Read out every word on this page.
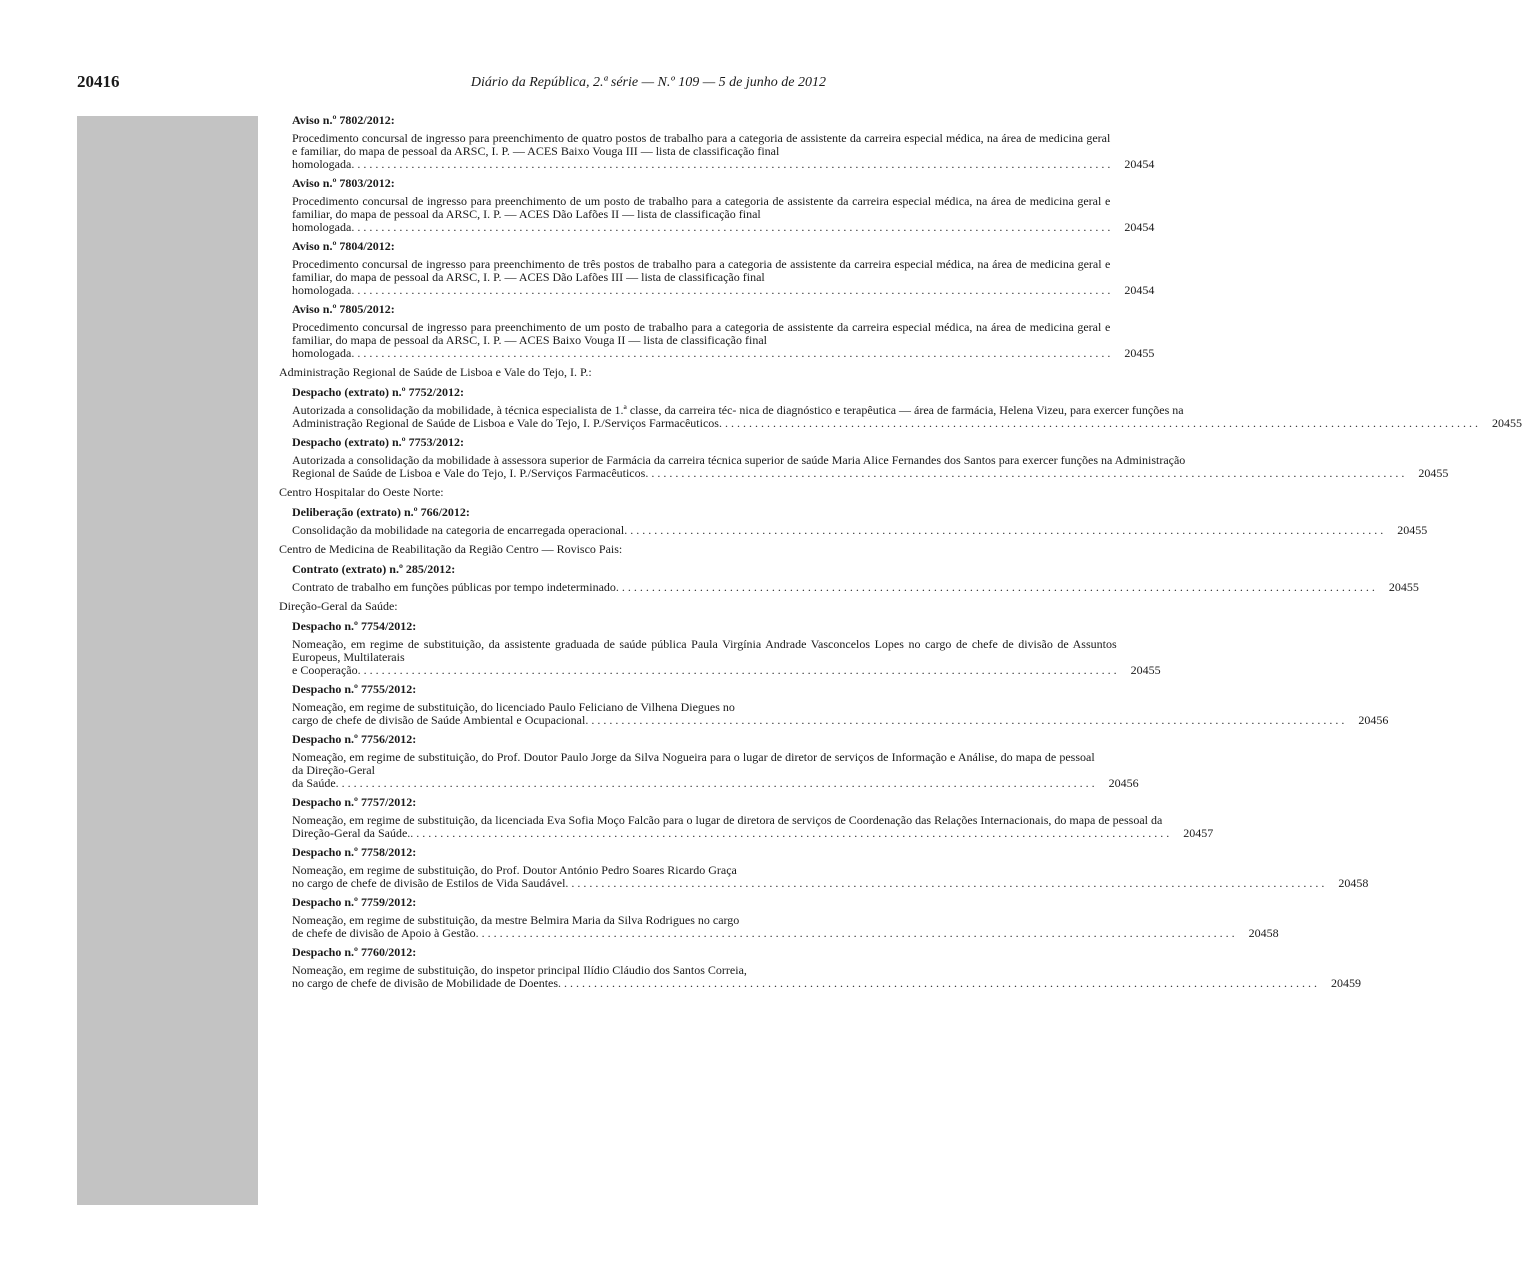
20416	Diário da República, 2.ª série — N.º 109 — 5 de junho de 2012
Aviso n.º 7802/2012:
Procedimento concursal de ingresso para preenchimento de quatro postos de trabalho para a categoria de assistente da carreira especial médica, na área de medicina geral e familiar, do mapa de pessoal da ARSC, I. P. — ACES Baixo Vouga III — lista de classificação final
homologada . . .	20454
Aviso n.º 7803/2012:
Procedimento concursal de ingresso para preenchimento de um posto de trabalho para a categoria de assistente da carreira especial médica, na área de medicina geral e familiar, do mapa de pessoal da ARSC, I. P. — ACES Dão Lafões II — lista de classificação final
homologada . . .	20454
Aviso n.º 7804/2012:
Procedimento concursal de ingresso para preenchimento de três postos de trabalho para a categoria de assistente da carreira especial médica, na área de medicina geral e familiar, do mapa de pessoal da ARSC, I. P. — ACES Dão Lafões III — lista de classificação final
homologada . . .	20454
Aviso n.º 7805/2012:
Procedimento concursal de ingresso para preenchimento de um posto de trabalho para a categoria de assistente da carreira especial médica, na área de medicina geral e familiar, do mapa de pessoal da ARSC, I. P. — ACES Baixo Vouga II — lista de classificação final
homologada . . .	20455
Administração Regional de Saúde de Lisboa e Vale do Tejo, I. P.:
Despacho (extrato) n.º 7752/2012:
Autorizada a consolidação da mobilidade, à técnica especialista de 1.ª classe, da carreira téc- nica de diagnóstico e terapêutica — área de farmácia, Helena Vizeu, para exercer funções na
Administração Regional de Saúde de Lisboa e Vale do Tejo, I. P./Serviços Farmacêuticos . . .	20455
Despacho (extrato) n.º 7753/2012:
Autorizada a consolidação da mobilidade à assessora superior de Farmácia da carreira técnica superior de saúde Maria Alice Fernandes dos Santos para exercer funções na Administração
Regional de Saúde de Lisboa e Vale do Tejo, I. P./Serviços Farmacêuticos . . .	20455
Centro Hospitalar do Oeste Norte:
Deliberação (extrato) n.º 766/2012:
Consolidação da mobilidade na categoria de encarregada operacional . . .	20455
Centro de Medicina de Reabilitação da Região Centro — Rovisco Pais:
Contrato (extrato) n.º 285/2012:
Contrato de trabalho em funções públicas por tempo indeterminado . . .	20455
Direção-Geral da Saúde:
Despacho n.º 7754/2012:
Nomeação, em regime de substituição, da assistente graduada de saúde pública Paula Virgínia Andrade Vasconcelos Lopes no cargo de chefe de divisão de Assuntos Europeus, Multilaterais
e Cooperação . . .	20455
Despacho n.º 7755/2012:
Nomeação, em regime de substituição, do licenciado Paulo Feliciano de Vilhena Diegues no
cargo de chefe de divisão de Saúde Ambiental e Ocupacional . . .	20456
Despacho n.º 7756/2012:
Nomeação, em regime de substituição, do Prof. Doutor Paulo Jorge da Silva Nogueira para o lugar de diretor de serviços de Informação e Análise, do mapa de pessoal da Direção-Geral
da Saúde . . .	20456
Despacho n.º 7757/2012:
Nomeação, em regime de substituição, da licenciada Eva Sofia Moço Falcão para o lugar de diretora de serviços de Coordenação das Relações Internacionais, do mapa de pessoal da
Direção-Geral da Saúde. . . .	20457
Despacho n.º 7758/2012:
Nomeação, em regime de substituição, do Prof. Doutor António Pedro Soares Ricardo Graça
no cargo de chefe de divisão de Estilos de Vida Saudável . . .	20458
Despacho n.º 7759/2012:
Nomeação, em regime de substituição, da mestre Belmira Maria da Silva Rodrigues no cargo
de chefe de divisão de Apoio à Gestão . . .	20458
Despacho n.º 7760/2012:
Nomeação, em regime de substituição, do inspetor principal Ilídio Cláudio dos Santos Correia,
no cargo de chefe de divisão de Mobilidade de Doentes . . .	20459
